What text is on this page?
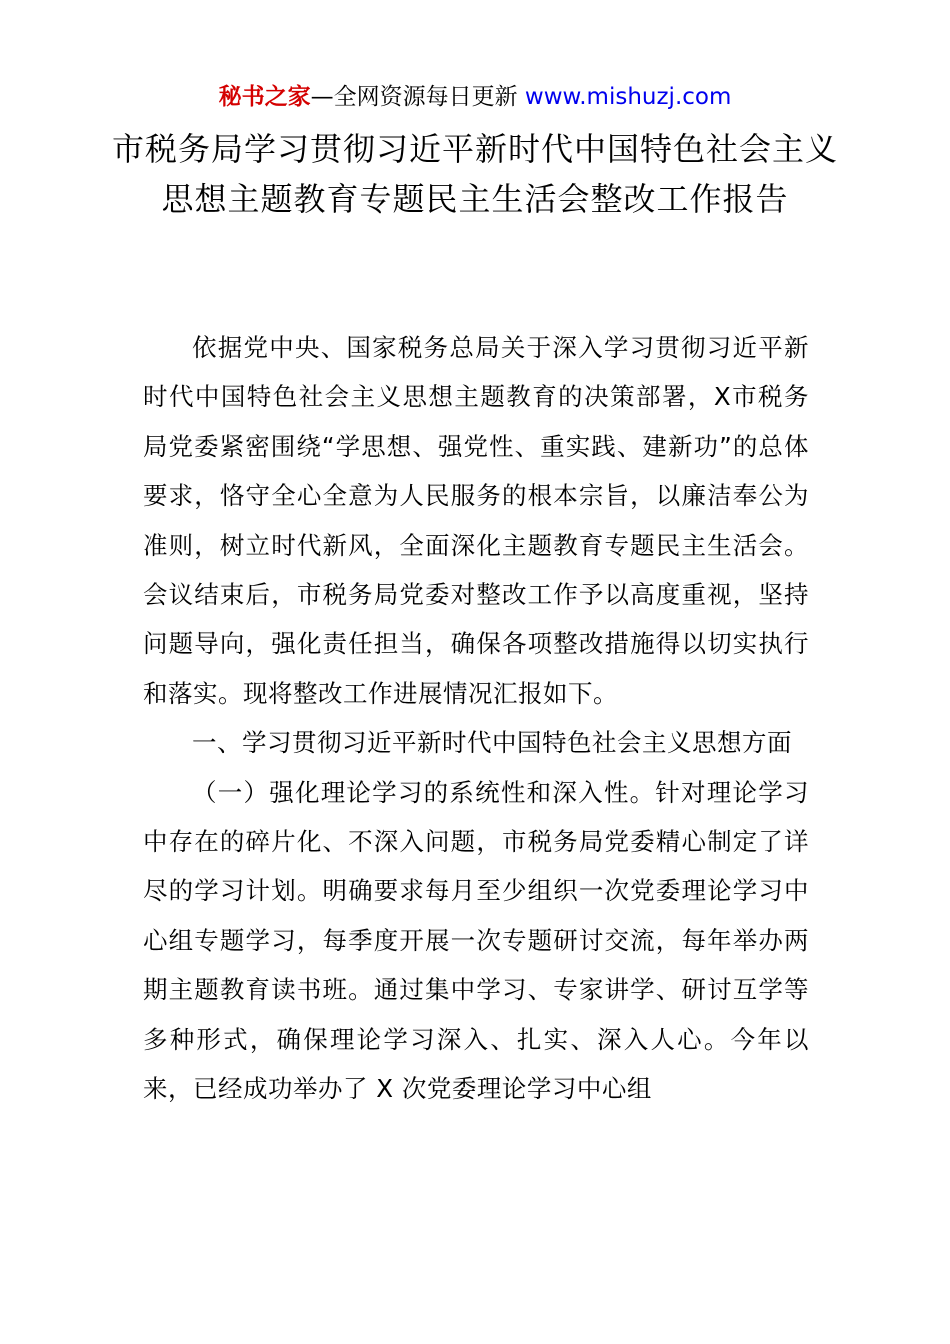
秘书之家—全网资源每日更新 www.mishuzj.com
市税务局学习贯彻习近平新时代中国特色社会主义思想主题教育专题民主生活会整改工作报告

依据党中央、国家税务总局关于深入学习贯彻习近平新时代中国特色社会主义思想主题教育的决策部署，X市税务局党委紧密围绕“学思想、强党性、重实践、建新功”的总体要求，恪守全心全意为人民服务的根本宗旨，以廉洁奉公为准则，树立时代新风，全面深化主题教育专题民主生活会。会议结束后，市税务局党委对整改工作予以高度重视，坚持问题导向，强化责任担当，确保各项整改措施得以切实执行和落实。现将整改工作进展情况汇报如下。

一、学习贯彻习近平新时代中国特色社会主义思想方面

（一）强化理论学习的系统性和深入性。针对理论学习中存在的碎片化、不深入问题，市税务局党委精心制定了详尽的学习计划。明确要求每月至少组织一次党委理论学习中心组专题学习，每季度开展一次专题研讨交流，每年举办两期主题教育读书班。通过集中学习、专家讲学、研讨互学等多种形式，确保理论学习深入、扎实、深入人心。今年以来，已经成功举办了 X 次党委理论学习中心组
